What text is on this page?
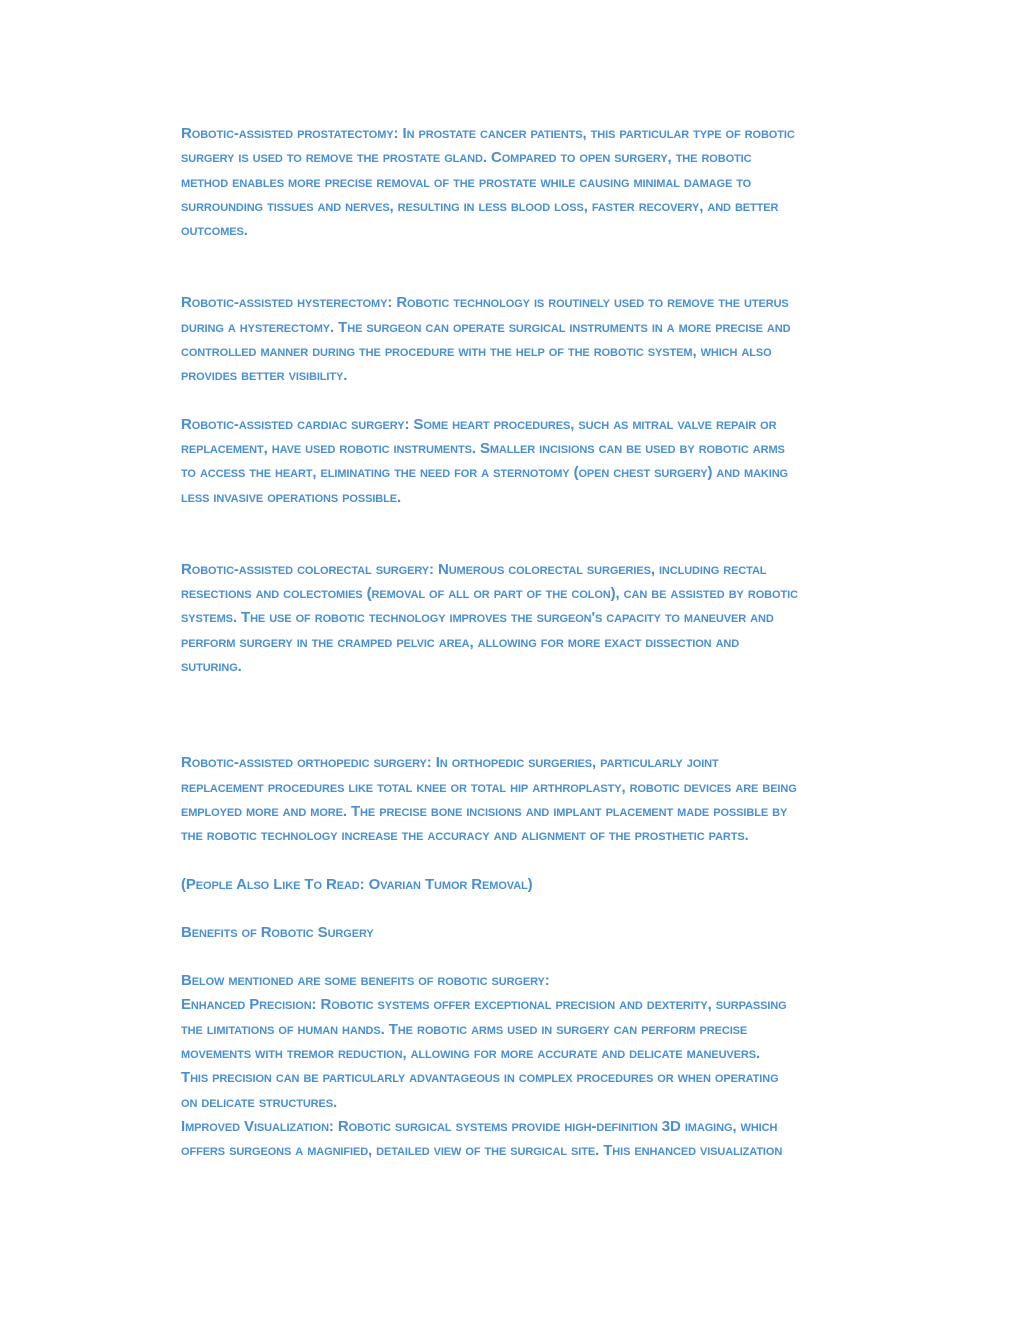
Robotic-assisted prostatectomy: In prostate cancer patients, this particular type of robotic
surgery is used to remove the prostate gland. Compared to open surgery, the robotic
method enables more precise removal of the prostate while causing minimal damage to
surrounding tissues and nerves, resulting in less blood loss, faster recovery, and better
outcomes.

Robotic-assisted hysterectomy: Robotic technology is routinely used to remove the uterus
during a hysterectomy. The surgeon can operate surgical instruments in a more precise and
controlled manner during the procedure with the help of the robotic system, which also
provides better visibility.

Robotic-assisted cardiac surgery: Some heart procedures, such as mitral valve repair or
replacement, have used robotic instruments. Smaller incisions can be used by robotic arms
to access the heart, eliminating the need for a sternotomy (open chest surgery) and making
less invasive operations possible.

Robotic-assisted colorectal surgery: Numerous colorectal surgeries, including rectal
resections and colectomies (removal of all or part of the colon), can be assisted by robotic
systems. The use of robotic technology improves the surgeon's capacity to maneuver and
perform surgery in the cramped pelvic area, allowing for more exact dissection and
suturing.

Robotic-assisted orthopedic surgery: In orthopedic surgeries, particularly joint
replacement procedures like total knee or total hip arthroplasty, robotic devices are being
employed more and more. The precise bone incisions and implant placement made possible by
the robotic technology increase the accuracy and alignment of the prosthetic parts.

(People Also Like To Read: Ovarian Tumor Removal)

Benefits of Robotic Surgery

Below mentioned are some benefits of robotic surgery:
Enhanced Precision: Robotic systems offer exceptional precision and dexterity, surpassing
the limitations of human hands. The robotic arms used in surgery can perform precise
movements with tremor reduction, allowing for more accurate and delicate maneuvers.
This precision can be particularly advantageous in complex procedures or when operating
on delicate structures.
Improved Visualization: Robotic surgical systems provide high-definition 3D imaging, which
offers surgeons a magnified, detailed view of the surgical site. This enhanced visualization
